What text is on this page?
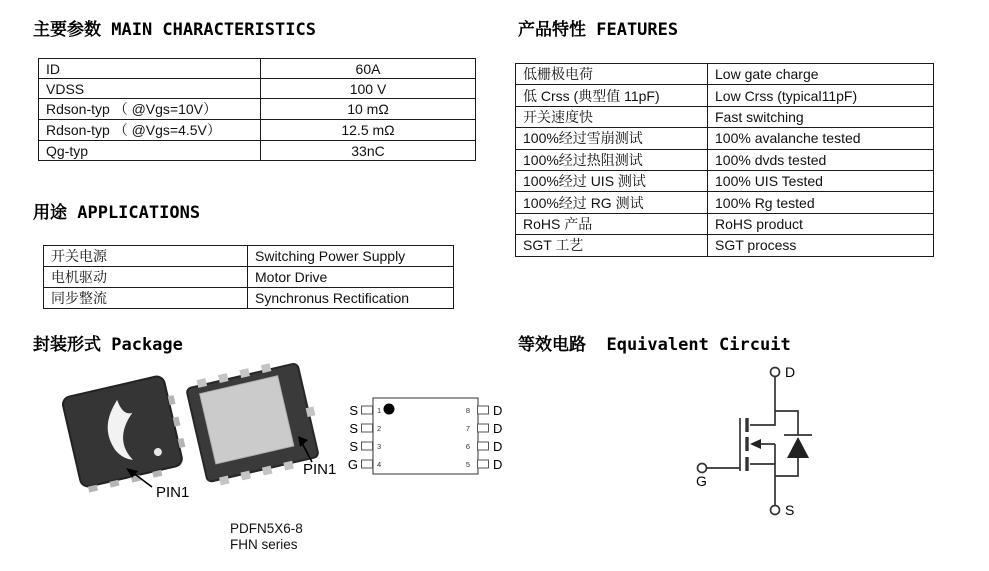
主要参数 MAIN CHARACTERISTICS	产品特性 FEATURES
用途 APPLICATIONS
封装形式 Package	等效电路  Equivalent Circuit
ID	60A
VDSS	100 V
Rdson-typ （ @Vgs=10V）	10 mΩ
Rdson-typ （ @Vgs=4.5V）	12.5 mΩ
Qg-typ	33nC
开关电源	Switching Power Supply
电机驱动	Motor Drive
同步整流	Synchronus Rectification
低栅极电荷	Low gate charge
低 Crss (典型值 11pF)	Low Crss (typical11pF)
开关速度快	Fast switching
100%经过雪崩测试	100% avalanche tested
100%经过热阻测试	100% dvds tested
100%经过 UIS 测试	100% UIS Tested
100%经过 RG 测试	100% Rg tested
RoHS 产品	RoHS product
SGT 工艺	SGT process
PIN1
PIN1
S
S
S
G
D
D
D
D
1
2
3
4
8
7
6
5
PDFN5X6-8
FHN series
D
G
S
